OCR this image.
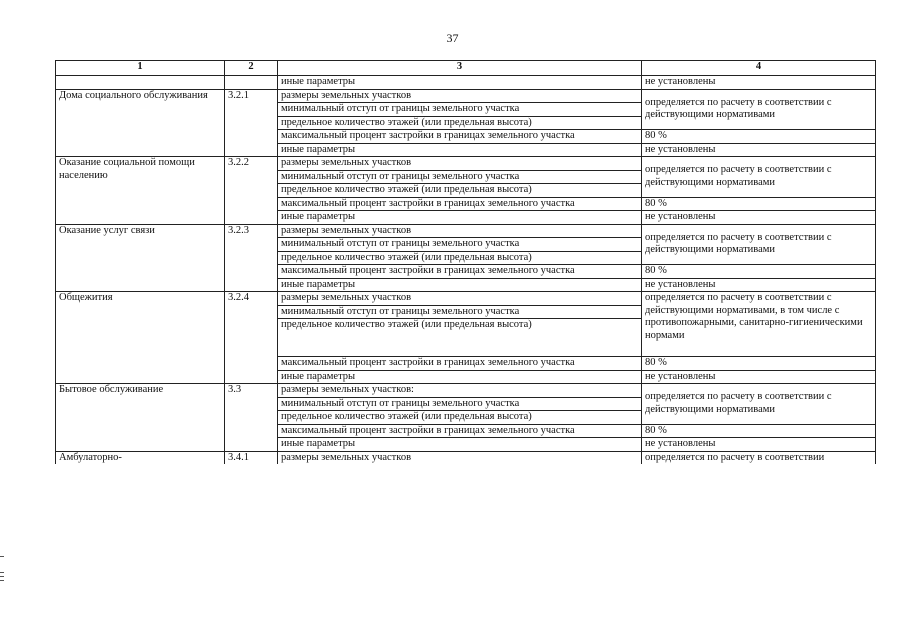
37
1	2	3	4
		иные параметры	не установлены
Дома социального обслуживания	3.2.1	размеры земельных участков	определяется по расчету в соответствии с действующими нормативами
		минимальный отступ от границы земельного участка	
		предельное количество этажей (или предельная высота)	
		максимальный процент застройки в границах земельного участка	80 %
		иные параметры	не установлены
Оказание социальной помощи населению	3.2.2	размеры земельных участков	определяется по расчету в соответствии с действующими нормативами
		минимальный отступ от границы земельного участка	
		предельное количество этажей (или предельная высота)	
		максимальный процент застройки в границах земельного участка	80 %
		иные параметры	не установлены
Оказание услуг связи	3.2.3	размеры земельных участков	определяется по расчету в соответствии с действующими нормативами
		минимальный отступ от границы земельного участка	
		предельное количество этажей (или предельная высота)	
		максимальный процент застройки в границах земельного участка	80 %
		иные параметры	не установлены
Общежития	3.2.4	размеры земельных участков	определяется по расчету в соответствии с действующими нормативами, в том числе с противопожарными, санитарно-гигиеническими нормами
		минимальный отступ от границы земельного участка	
		предельное количество этажей (или предельная высота)	
		максимальный процент застройки в границах земельного участка	80 %
		иные параметры	не установлены
Бытовое обслуживание	3.3	размеры земельных участков:	определяется по расчету в соответствии с действующими нормативами
		минимальный отступ от границы земельного участка	
		предельное количество этажей (или предельная высота)	
		максимальный процент застройки в границах земельного участка	80 %
		иные параметры	не установлены
Амбулаторно-	3.4.1	размеры земельных участков	определяется по расчету в соответствии
